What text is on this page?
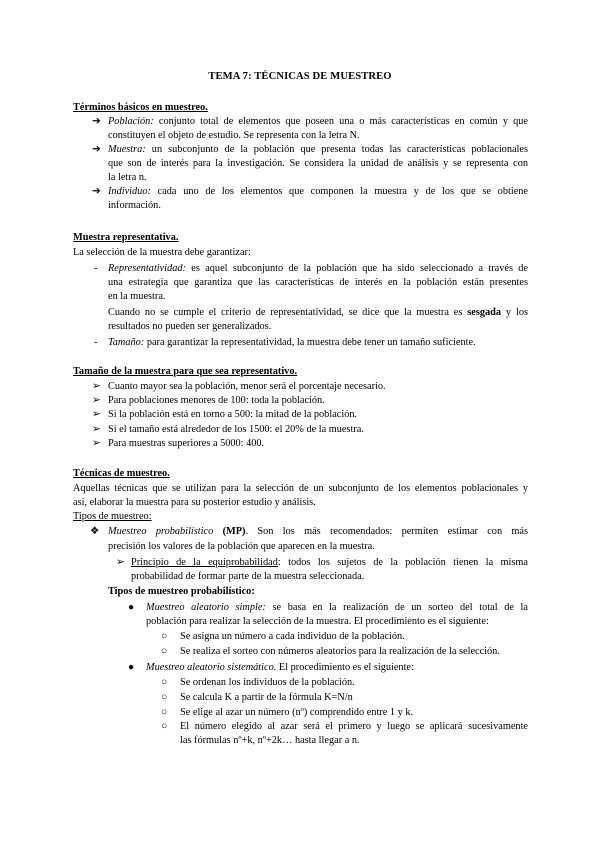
TEMA 7: TÉCNICAS DE MUESTREO
Términos básicos en muestreo.
➔ Población: conjunto total de elementos que poseen una o más características en común y que
constituyen el objeto de estudio. Se representa con la letra N.
➔ Muestra: un subconjunto de la población que presenta todas las características poblacionales
que son de interés para la investigación. Se considera la unidad de análisis y se representa con
la letra n.
➔ Individuo: cada uno de los elementos que componen la muestra y de los que se obtiene
información.
Muestra representativa.
La selección de la muestra debe garantizar:
- Representatividad: es aquel subconjunto de la población que ha sido seleccionado a través de
una estrategia que garantiza que las características de interés en la población están presentes
en la muestra.
Cuando no se cumple el criterio de representatividad, se dice que la muestra es sesgada y los
resultados no pueden ser generalizados.
- Tamaño: para garantizar la representatividad, la muestra debe tener un tamaño suficiente.
Tamaño de la muestra para que sea representativo.
➢ Cuanto mayor sea la población, menor será el porcentaje necesario.
➢ Para poblaciones menores de 100: toda la población.
➢ Si la población está en torno a 500: la mitad de la población.
➢ Si el tamaño está alrededor de los 1500: el 20% de la muestra.
➢ Para muestras superiores a 5000: 400.
Técnicas de muestreo.
Aquellas técnicas que se utilizan para la selección de un subconjunto de los elementos poblacionales y
así, elaborar la muestra para su posterior estudio y análisis.
Tipos de muestreo:
❖ Muestreo probabilístico (MP). Son los más recomendados: permiten estimar con más
precisión los valores de la población que aparecen en la muestra.
➢ Principio de la equiprobabilidad: todos los sujetos de la población tienen la misma
probabilidad de formar parte de la muestra seleccionada.
Tipos de muestreo probabilístico:
● Muestreo aleatorio simple: se basa en la realización de un sorteo del total de la
población para realizar la selección de la muestra. El procedimiento es el siguiente:
○ Se asigna un número a cada individuo de la población.
○ Se realiza el sorteo con números aleatorios para la realización de la selección.
● Muestreo aleatorio sistemático. El procedimiento es el siguiente:
○ Se ordenan los individuos de la población.
○ Se calcula K a partir de la fórmula K=N/n
○ Se elige al azar un número (nº) comprendido entre 1 y k.
○ El número elegido al azar será el primero y luego se aplicará sucesivamente
las fórmulas nº+k, nº+2k… hasta llegar a n.
